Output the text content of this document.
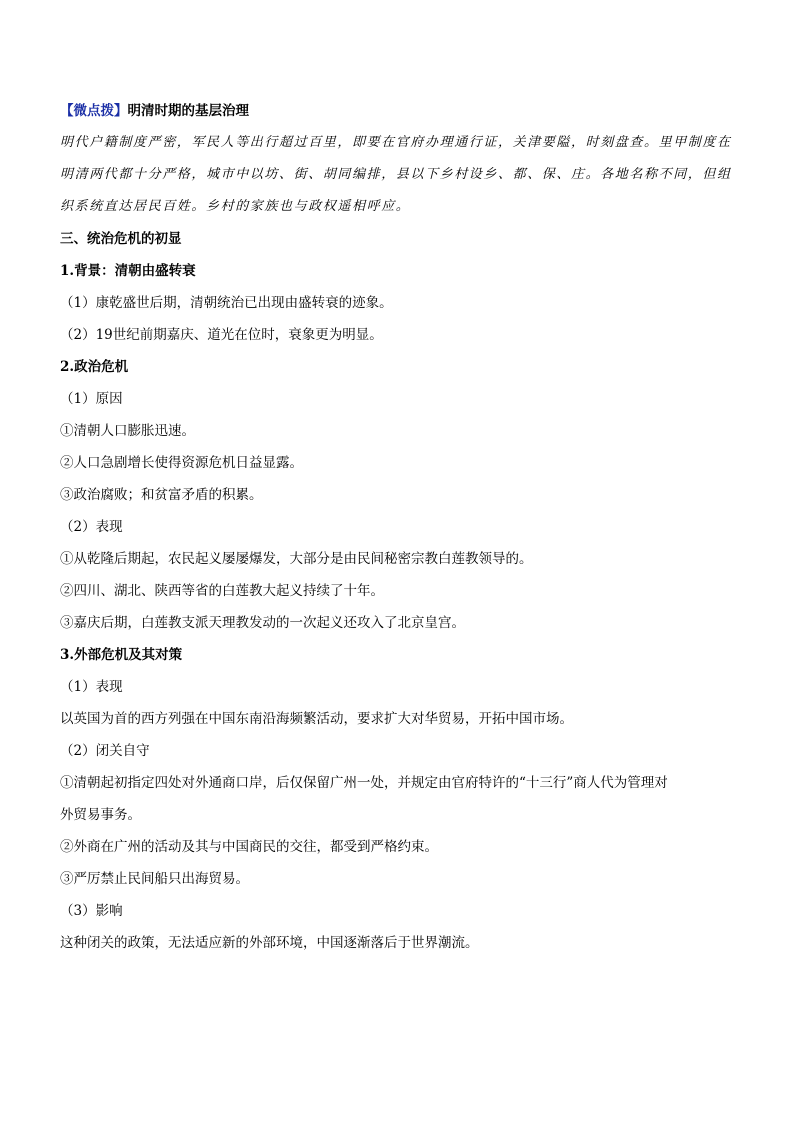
【微点拨】明清时期的基层治理
明代户籍制度严密，军民人等出行超过百里，即要在官府办理通行证，关津要隘，时刻盘查。里甲制度在
明清两代都十分严格，城市中以坊、街、胡同编排，县以下乡村设乡、都、保、庄。各地名称不同，但组
织系统直达居民百姓。乡村的家族也与政权遥相呼应。
三、统治危机的初显
1.背景：清朝由盛转衰
（1）康乾盛世后期，清朝统治已出现由盛转衰的迹象。
（2）19世纪前期嘉庆、道光在位时，衰象更为明显。
2.政治危机
（1）原因
①清朝人口膨胀迅速。
②人口急剧增长使得资源危机日益显露。
③政治腐败；和贫富矛盾的积累。
（2）表现
①从乾隆后期起，农民起义屡屡爆发，大部分是由民间秘密宗教白莲教领导的。
②四川、湖北、陕西等省的白莲教大起义持续了十年。
③嘉庆后期，白莲教支派天理教发动的一次起义还攻入了北京皇宫。
3.外部危机及其对策
（1）表现
以英国为首的西方列强在中国东南沿海频繁活动，要求扩大对华贸易，开拓中国市场。
（2）闭关自守
①清朝起初指定四处对外通商口岸，后仅保留广州一处，并规定由官府特许的“十三行”商人代为管理对
外贸易事务。
②外商在广州的活动及其与中国商民的交往，都受到严格约束。
③严厉禁止民间船只出海贸易。
（3）影响
这种闭关的政策，无法适应新的外部环境，中国逐渐落后于世界潮流。
